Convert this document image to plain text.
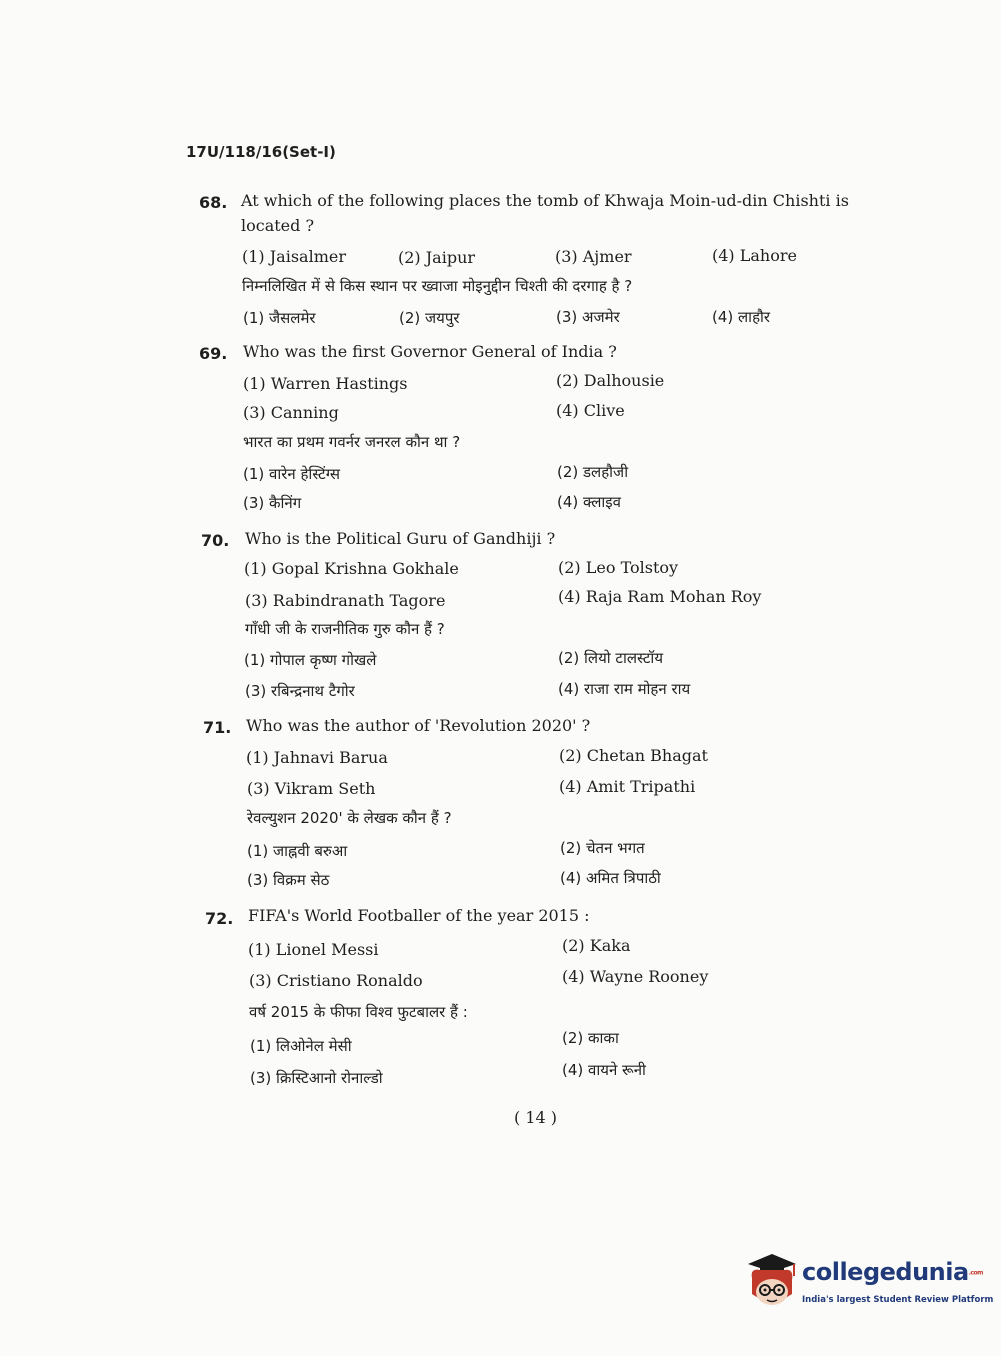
17U/118/16(Set-I)
68. At which of the following places the tomb of Khwaja Moin-ud-din Chishti is
located ?
(1) Jaisalmer	(2) Jaipur	(3) Ajmer	(4) Lahore
निम्नलिखित में से किस स्थान पर ख्वाजा मोइनुद्दीन चिश्ती की दरगाह है ?
(1) जैसलमेर	(2) जयपुर	(3) अजमेर	(4) लाहौर
69. Who was the first Governor General of India ?
(1) Warren Hastings	(2) Dalhousie
(3) Canning	(4) Clive
भारत का प्रथम गवर्नर जनरल कौन था ?
(1) वारेन हेस्टिंग्स	(2) डलहौजी
(3) कैनिंग	(4) क्लाइव
70. Who is the Political Guru of Gandhiji ?
(1) Gopal Krishna Gokhale	(2) Leo Tolstoy
(3) Rabindranath Tagore	(4) Raja Ram Mohan Roy
गाँधी जी के राजनीतिक गुरु कौन हैं ?
(1) गोपाल कृष्ण गोखले	(2) लियो टालस्टॉय
(3) रबिन्द्रनाथ टैगोर	(4) राजा राम मोहन राय
71. Who was the author of 'Revolution 2020' ?
(1) Jahnavi Barua	(2) Chetan Bhagat
(3) Vikram Seth	(4) Amit Tripathi
रेवल्युशन 2020' के लेखक कौन हैं ?
(1) जाह्नवी बरुआ	(2) चेतन भगत
(3) विक्रम सेठ	(4) अमित त्रिपाठी
72. FIFA's World Footballer of the year 2015 :
(1) Lionel Messi	(2) Kaka
(3) Cristiano Ronaldo	(4) Wayne Rooney
वर्ष 2015 के फीफा विश्व फुटबालर हैं :
(1) लिओनेल मेसी	(2) काका
(3) क्रिस्टिआनो रोनाल्डो	(4) वायने रूनी
( 14 )
collegedunia.com
India's largest Student Review Platform
